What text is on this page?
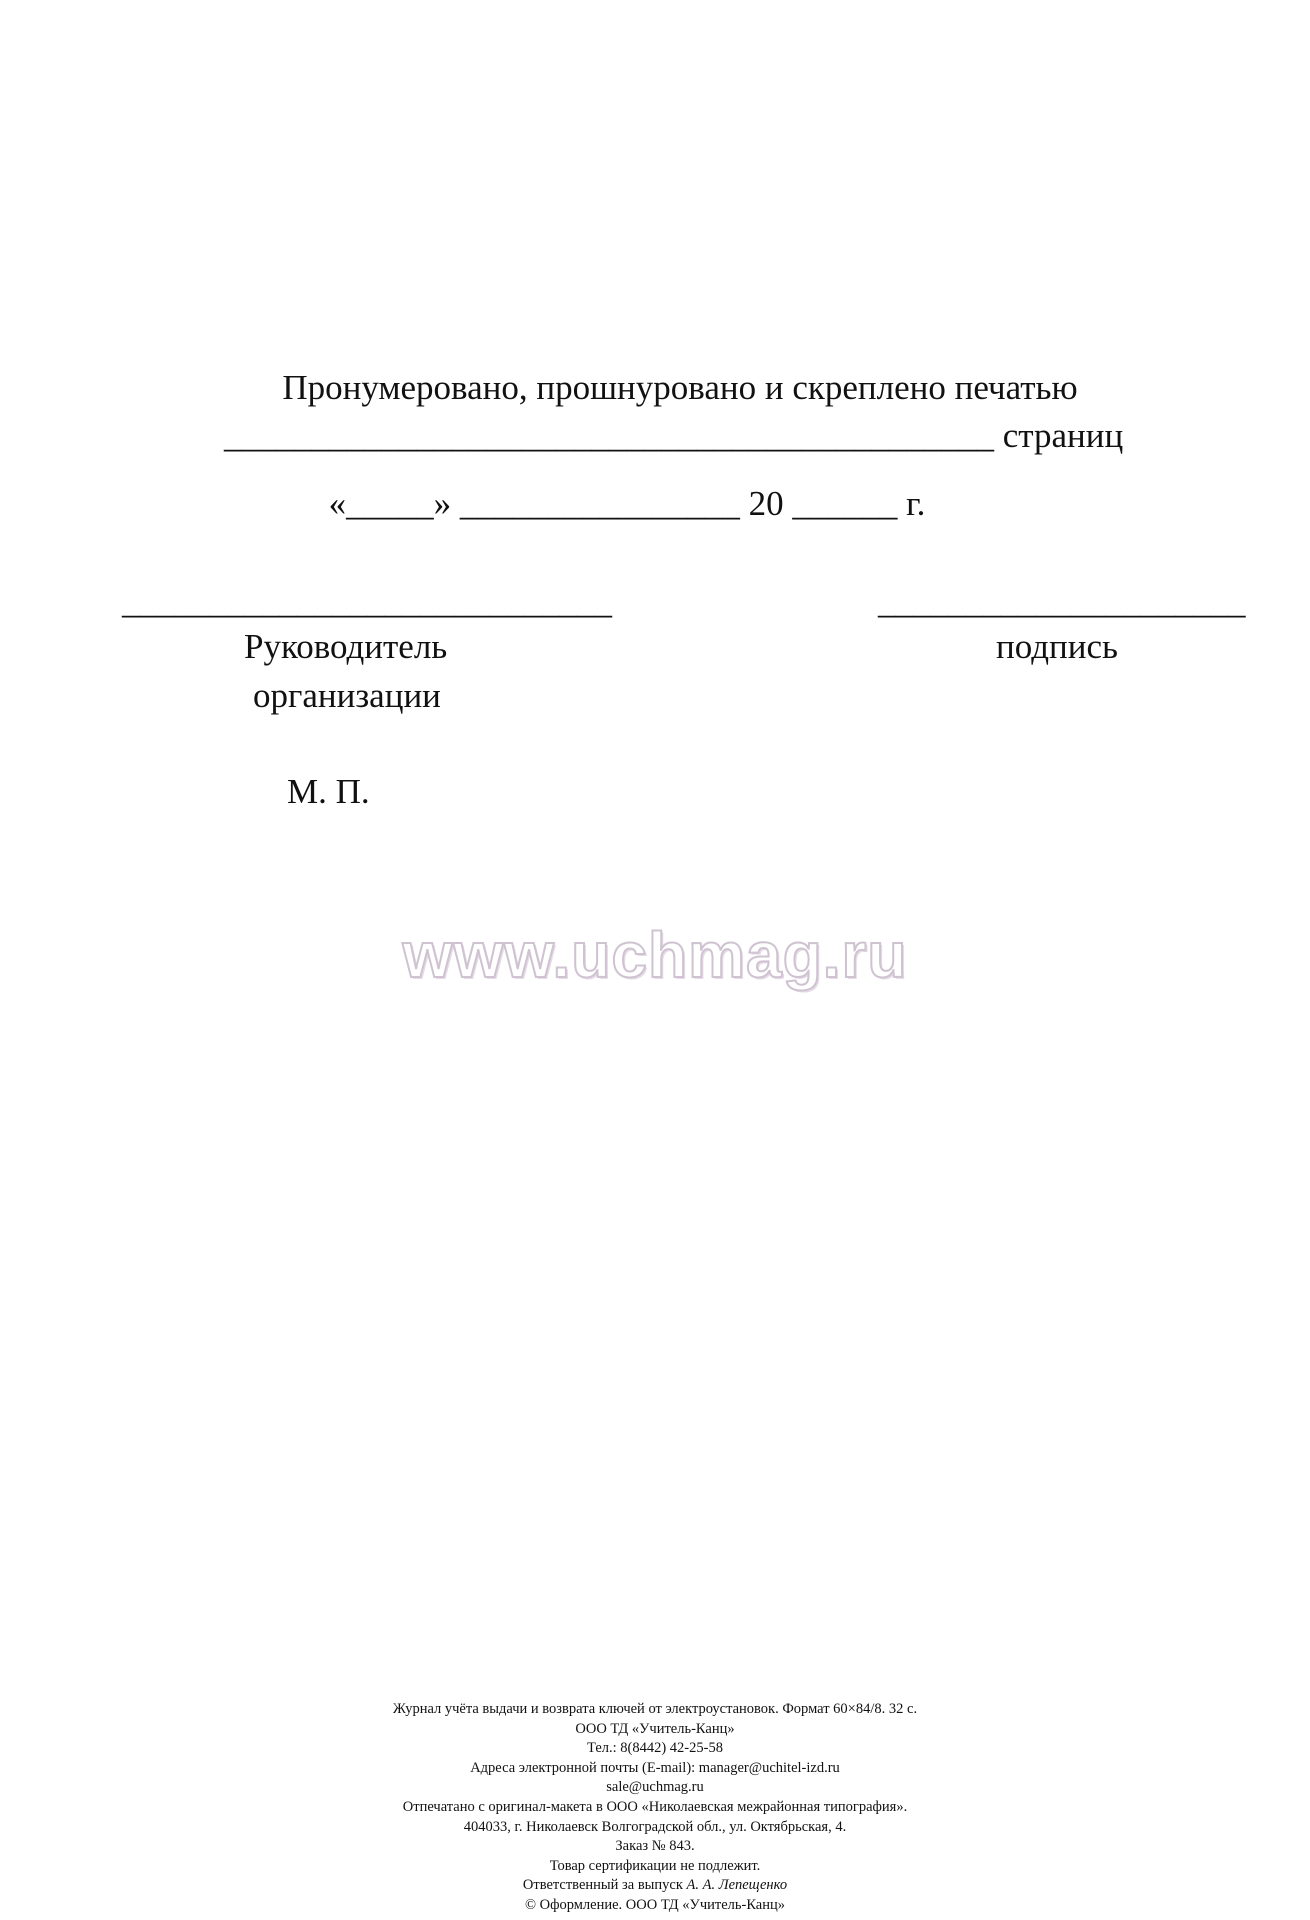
Пронумеровано, прошнуровано и скреплено печатью
____________________________________________ страниц
«_____» ________________ 20 ______ г.
____________________________	_____________________
Руководитель
организации
подпись
М. П.
www.uchmag.ru
Журнал учёта выдачи и возврата ключей от электроустановок. Формат 60×84/8. 32 с.
ООО ТД «Учитель-Канц»
Тел.: 8(8442) 42-25-58
Адреса электронной почты (E-mail): manager@uchitel-izd.ru
sale@uchmag.ru
Отпечатано с оригинал-макета в ООО «Николаевская межрайонная типография».
404033, г. Николаевск Волгоградской обл., ул. Октябрьская, 4.
Заказ № 843.
Товар сертификации не подлежит.
Ответственный за выпуск А. А. Лепещенко
© Оформление. ООО ТД «Учитель-Канц»
